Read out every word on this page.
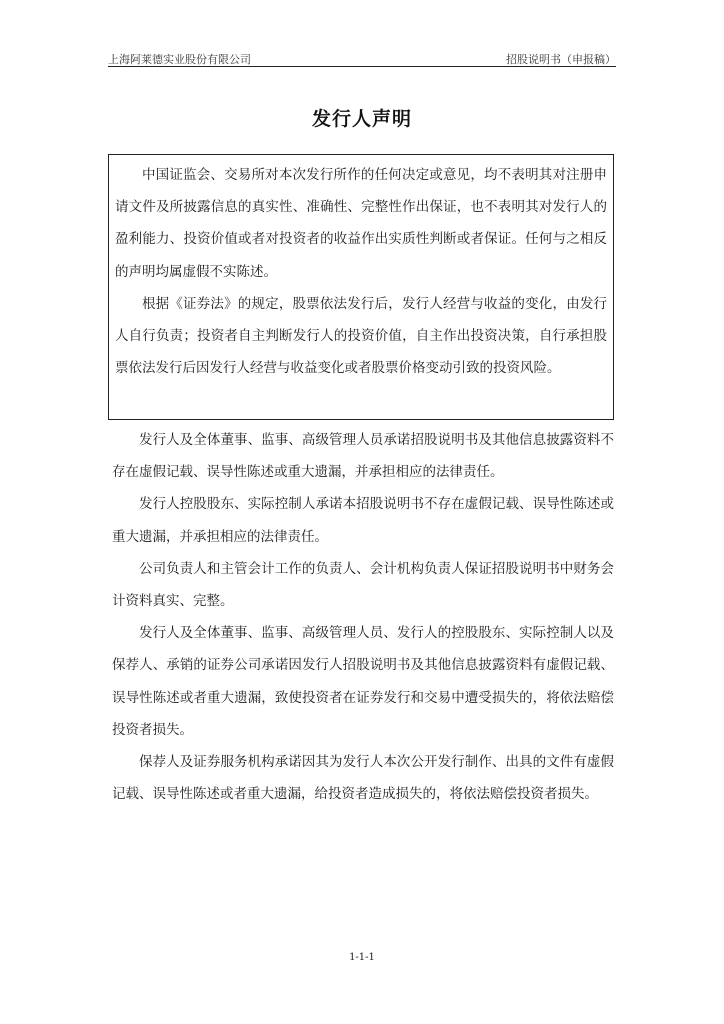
上海阿莱德实业股份有限公司	招股说明书（申报稿）
发行人声明

中国证监会、交易所对本次发行所作的任何决定或意见，均不表明其对注册申请文件及所披露信息的真实性、准确性、完整性作出保证，也不表明其对发行人的盈利能力、投资价值或者对投资者的收益作出实质性判断或者保证。任何与之相反的声明均属虚假不实陈述。

根据《证券法》的规定，股票依法发行后，发行人经营与收益的变化，由发行人自行负责；投资者自主判断发行人的投资价值，自主作出投资决策，自行承担股票依法发行后因发行人经营与收益变化或者股票价格变动引致的投资风险。

发行人及全体董事、监事、高级管理人员承诺招股说明书及其他信息披露资料不存在虚假记载、误导性陈述或重大遗漏，并承担相应的法律责任。

发行人控股股东、实际控制人承诺本招股说明书不存在虚假记载、误导性陈述或重大遗漏，并承担相应的法律责任。

公司负责人和主管会计工作的负责人、会计机构负责人保证招股说明书中财务会计资料真实、完整。

发行人及全体董事、监事、高级管理人员、发行人的控股股东、实际控制人以及保荐人、承销的证券公司承诺因发行人招股说明书及其他信息披露资料有虚假记载、误导性陈述或者重大遗漏，致使投资者在证券发行和交易中遭受损失的，将依法赔偿投资者损失。

保荐人及证券服务机构承诺因其为发行人本次公开发行制作、出具的文件有虚假记载、误导性陈述或者重大遗漏，给投资者造成损失的，将依法赔偿投资者损失。

1-1-1
